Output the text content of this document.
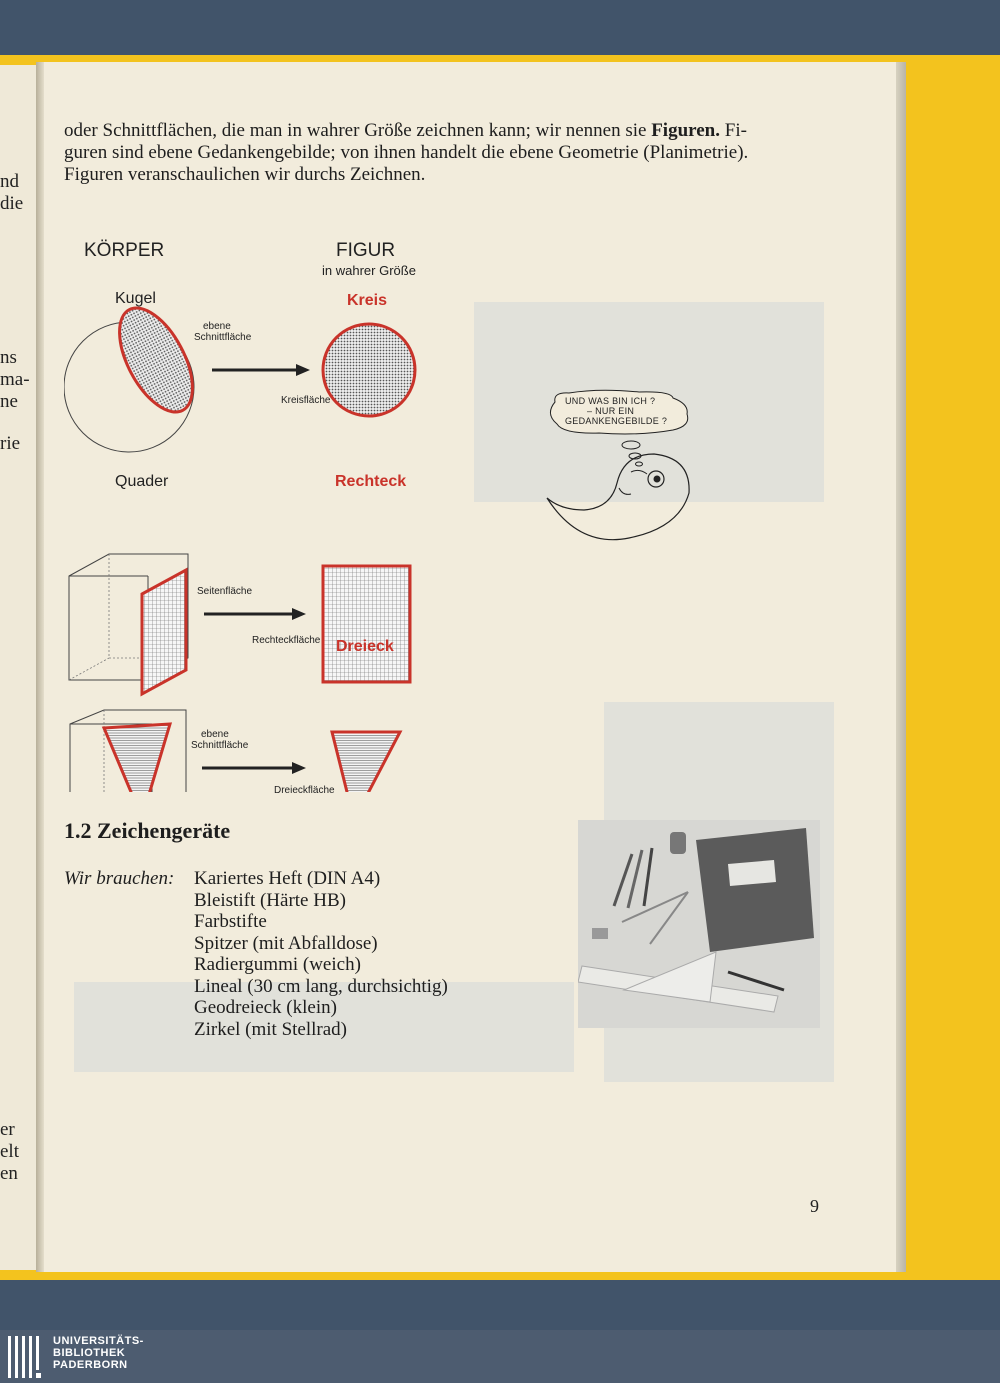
nd
die
ns
ma-
ne
rie
er
elt
en

oder Schnittflächen, die man in wahrer Größe zeichnen kann; wir nennen sie Figuren. Fi-

guren sind ebene Gedankengebilde; von ihnen handelt die ebene Geometrie (Planimetrie).

Figuren veranschaulichen wir durchs Zeichnen.

KÖRPER	FIGUR
in wahrer Größe
Kugel	Kreis
ebene
Schnittfläche
Kreisfläche
Quader	Rechteck
Seitenfläche
Rechteckfläche Dreieck
ebene
Schnittfläche
Dreieckfläche
UND WAS BIN ICH ?
– NUR EIN
GEDANKENGEBILDE ?
1.2 Zeichengeräte
Wir brauchen: Kariertes Heft (DIN A4)
Bleistift (Härte HB)
Farbstifte
Spitzer (mit Abfalldose)
Radiergummi (weich)
Lineal (30 cm lang, durchsichtig)
Geodreieck (klein)
Zirkel (mit Stellrad)
9
UNIVERSITÄTS-
BIBLIOTHEK
PADERBORN
